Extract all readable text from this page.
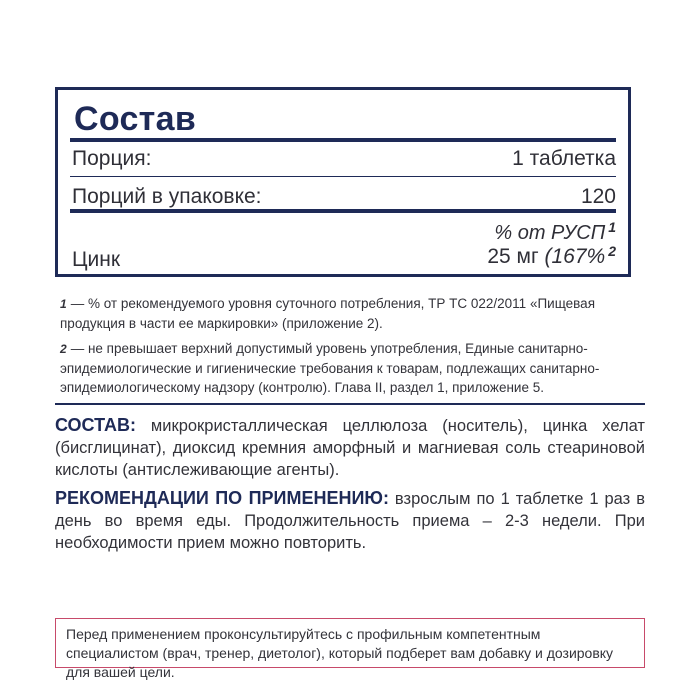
Состав
Порция:	1 таблетка
Порций в упаковке:	120
% от РУСП $^1$
Цинк	25 мг (167% $^2$
1 — % от рекомендуемого уровня суточного потребления, ТР ТС 022/2011 «Пищевая продукция в части ее маркировки» (приложение 2).
2 — не превышает верхний допустимый уровень употребления, Единые санитарно-эпидемиологические и гигиенические требования к товарам, подлежащих санитарно-эпидемиологическому надзору (контролю). Глава II, раздел 1, приложение 5.
СОСТАВ: микрокристаллическая целлюлоза (носитель), цинка хелат (бисглицинат), диоксид кремния аморфный и магниевая соль стеариновой кислоты (антислеживающие агенты).
РЕКОМЕНДАЦИИ ПО ПРИМЕНЕНИЮ: взрослым по 1 таблетке 1 раз в день во время еды. Продолжительность приема – 2-3 недели. При необходимости прием можно повторить.
Перед применением проконсультируйтесь с профильным компетентным специалистом (врач, тренер, диетолог), который подберет вам добавку и дозировку для вашей цели.
